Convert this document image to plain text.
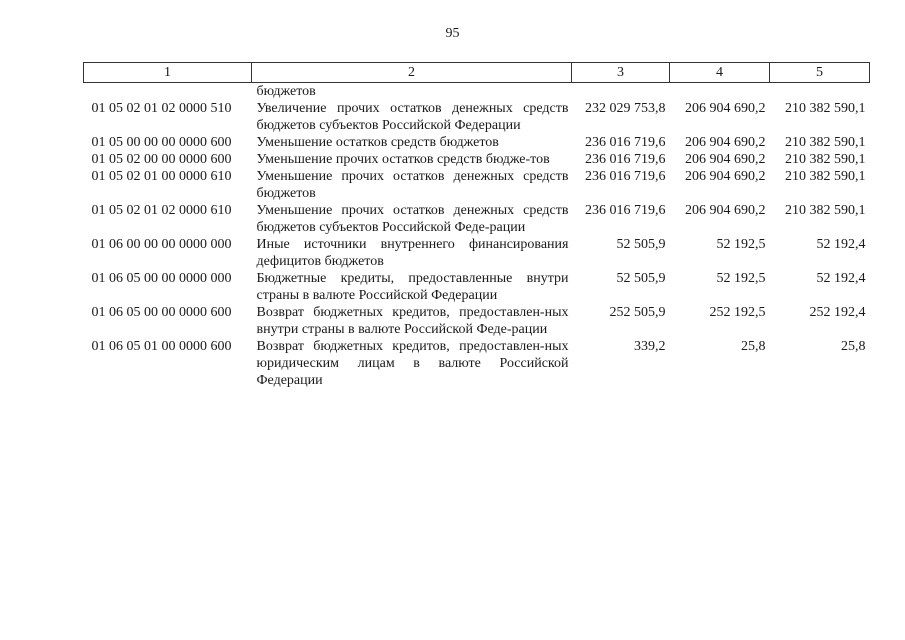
95
1	2	3	4	5
	бюджетов			
01 05 02 01 02 0000 510	Увеличение прочих остатков денежных средств бюджетов субъектов Российской Федерации	232 029 753,8	206 904 690,2	210 382 590,1
01 05 00 00 00 0000 600	Уменьшение остатков средств бюджетов	236 016 719,6	206 904 690,2	210 382 590,1
01 05 02 00 00 0000 600	Уменьшение прочих остатков средств бюдже-тов	236 016 719,6	206 904 690,2	210 382 590,1
01 05 02 01 00 0000 610	Уменьшение прочих остатков денежных средств бюджетов	236 016 719,6	206 904 690,2	210 382 590,1
01 05 02 01 02 0000 610	Уменьшение прочих остатков денежных средств бюджетов субъектов Российской Феде-рации	236 016 719,6	206 904 690,2	210 382 590,1
01 06 00 00 00 0000 000	Иные источники внутреннего финансирования дефицитов бюджетов	52 505,9	52 192,5	52 192,4
01 06 05 00 00 0000 000	Бюджетные кредиты, предоставленные внутри страны в валюте Российской Федерации	52 505,9	52 192,5	52 192,4
01 06 05 00 00 0000 600	Возврат бюджетных кредитов, предоставлен-ных внутри страны в валюте Российской Феде-рации	252 505,9	252 192,5	252 192,4
01 06 05 01 00 0000 600	Возврат бюджетных кредитов, предоставлен-ных юридическим лицам в валюте Российской Федерации	339,2	25,8	25,8
